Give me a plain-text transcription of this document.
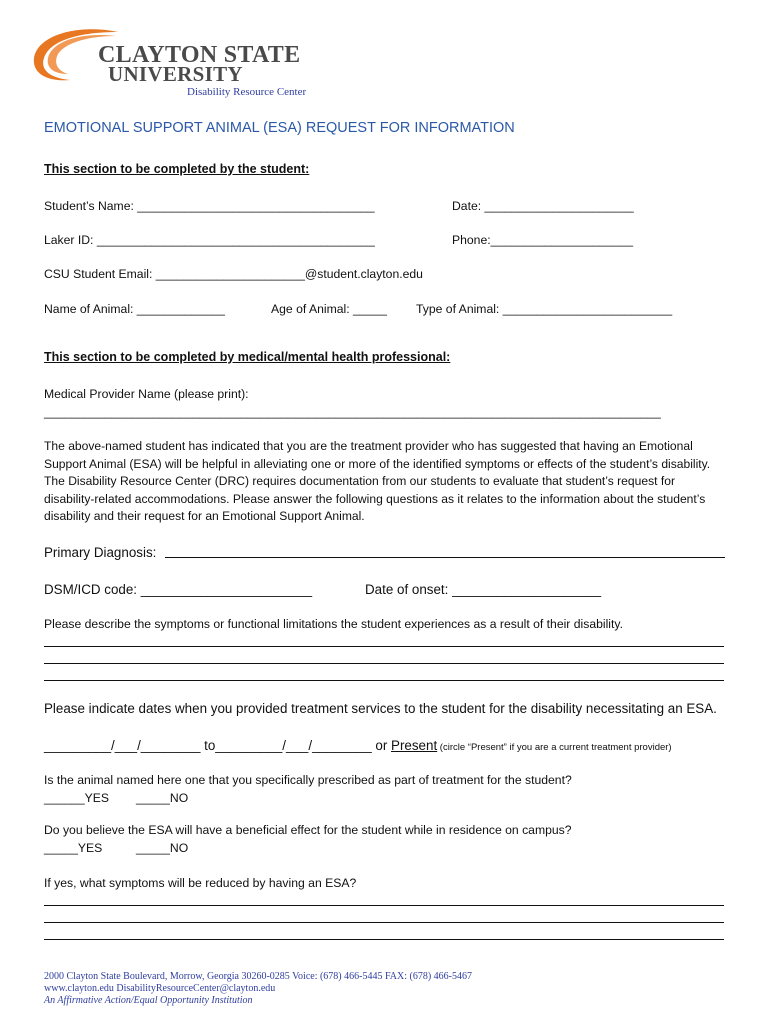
CLAYTON STATE
UNIVERSITY
Disability Resource Center
EMOTIONAL SUPPORT ANIMAL (ESA) REQUEST FOR INFORMATION
This section to be completed by the student:
Student’s Name: ___________________________________	Date: ______________________
Laker ID: _________________________________________	Phone:_____________________
CSU Student Email: ______________________@student.clayton.edu
Name of Animal: _____________	Age of Animal: _____ Type of Animal: _________________________
This section to be completed by medical/mental health professional:
Medical Provider Name (please print):
___________________________________________________________________________________________
The above-named student has indicated that you are the treatment provider who has suggested that having an Emotional Support Animal (ESA) will be helpful in alleviating one or more of the identified symptoms or effects of the student’s disability. The Disability Resource Center (DRC) requires documentation from our students to evaluate that student’s request for disability-related accommodations. Please answer the following questions as it relates to the information about the student’s disability and their request for an Emotional Support Animal.
Primary Diagnosis:
DSM/ICD code: _______________________	Date of onset: ____________________
Please describe the symptoms or functional limitations the student experiences as a result of their disability.
Please indicate dates when you provided treatment services to the student for the disability necessitating an ESA.
_________/___/________ to_________/___/________ or Present (circle “Present” if you are a current treatment provider)
Is the animal named here one that you specifically prescribed as part of treatment for the student?
______YES _____NO
Do you believe the ESA will have a beneficial effect for the student while in residence on campus?
_____YES	_____NO
If yes, what symptoms will be reduced by having an ESA?
2000 Clayton State Boulevard, Morrow, Georgia 30260-0285 Voice: (678) 466-5445 FAX: (678) 466-5467
www.clayton.edu DisabilityResourceCenter@clayton.edu
An Affirmative Action/Equal Opportunity Institution
